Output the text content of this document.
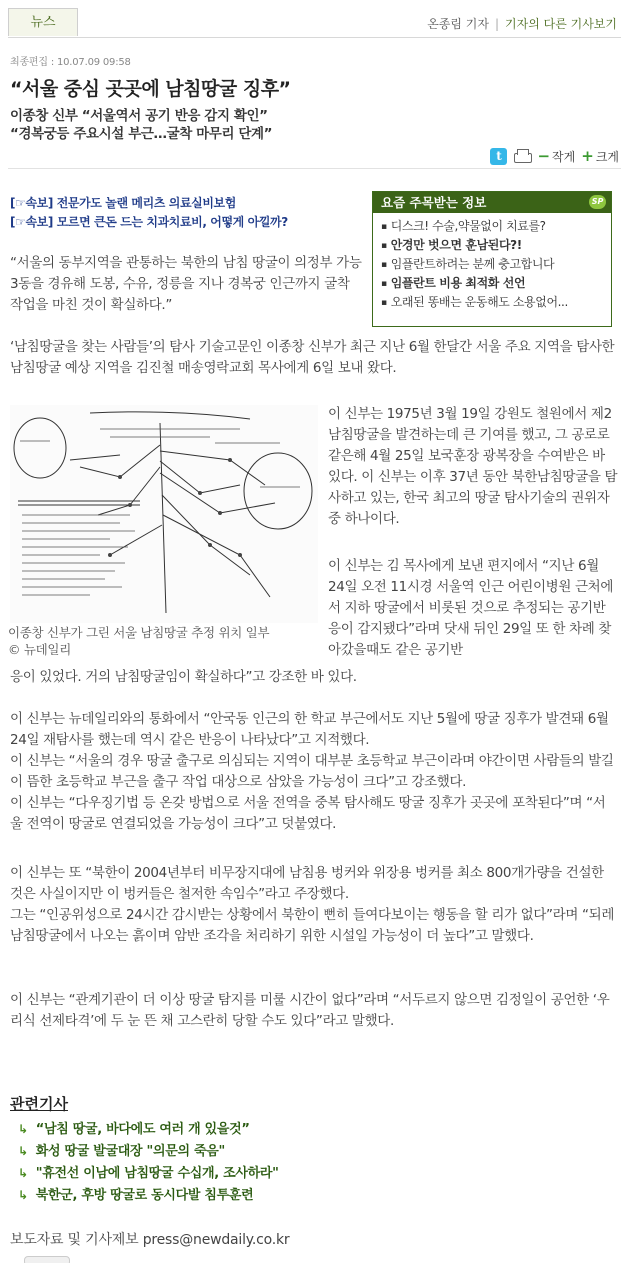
뉴스	온종림 기자 | 기자의 다른 기사보기
최종편집 : 10.07.09 09:58
“서울 중심 곳곳에 남침땅굴 징후”
이종창 신부 “서울역서 공기 반응 감지 확인”
“경복궁등 주요시설 부근…굴착 마무리 단계”
t	− 작게 + 크게
[☞속보] 전문가도 놀랜 메리츠 의료실비보험
[☞속보] 모르면 큰돈 드는 치과치료비, 어떻게 아낄까?
요즘 주목받는 정보	SP
▪ 디스크! 수술,약물없이 치료를?
▪ 안경만 벗으면 훈남된다?!
▪ 임플란트하려는 분께 충고합니다
▪ 임플란트 비용 최적화 선언
▪ 오래된 똥배는 운동해도 소용없어...
“서울의 동부지역을 관통하는 북한의 남침 땅굴이 의정부 가능3동을 경유해 도봉, 수유, 정릉을 지나 경복궁 인근까지 굴착 작업을 마친 것이 확실하다.”
‘남침땅굴을 찾는 사람들’의 탐사 기술고문인 이종창 신부가 최근 지난 6월 한달간 서울 주요 지역을 탐사한 남침땅굴 예상 지역을 김진철 매송영락교회 목사에게 6일 보내 왔다.
이종창 신부가 그린 서울 남침땅굴 추정 위치 일부
© 뉴데일리
이 신부는 1975년 3월 19일 강원도 철원에서 제2남침땅굴을 발견하는데 큰 기여를 했고, 그 공로로 같은해 4월 25일 보국훈장 광복장을 수여받은 바 있다. 이 신부는 이후 37년 동안 북한남침땅굴을 탐사하고 있는, 한국 최고의 땅굴 탐사기술의 권위자 중 하나이다.
이 신부는 김 목사에게 보낸 편지에서 “지난 6월 24일 오전 11시경 서울역 인근 어린이병원 근처에서 지하 땅굴에서 비롯된 것으로 추정되는 공기반응이 감지됐다”라며 닷새 뒤인 29일 또 한 차례 찾아갔을때도 같은 공기반
응이 있었다. 거의 남침땅굴임이 확실하다”고 강조한 바 있다.
이 신부는 뉴데일리와의 통화에서 “안국동 인근의 한 학교 부근에서도 지난 5월에 땅굴 징후가 발견돼 6월 24일 재탐사를 했는데 역시 같은 반응이 나타났다”고 지적했다.
이 신부는 “서울의 경우 땅굴 출구로 의심되는 지역이 대부분 초등학교 부근이라며 야간이면 사람들의 발길이 뜸한 초등학교 부근을 출구 작업 대상으로 삼았을 가능성이 크다”고 강조했다.
이 신부는 “다우징기법 등 온갖 방법으로 서울 전역을 중복 탐사해도 땅굴 징후가 곳곳에 포착된다”며 “서울 전역이 땅굴로 연결되었을 가능성이 크다”고 덧붙였다.
이 신부는 또 “북한이 2004년부터 비무장지대에 남침용 벙커와 위장용 벙커를 최소 800개가량을 건설한 것은 사실이지만 이 벙커들은 철저한 속임수”라고 주장했다.
그는 “인공위성으로 24시간 감시받는 상황에서 북한이 뻔히 들여다보이는 행동을 할 리가 없다”라며 “되레 남침땅굴에서 나오는 흙이며 암반 조각을 처리하기 위한 시설일 가능성이 더 높다”고 말했다.
이 신부는 “관계기관이 더 이상 땅굴 탐지를 미룰 시간이 없다”라며 “서두르지 않으면 김정일이 공언한 ‘우리식 선제타격’에 두 눈 뜬 채 고스란히 당할 수도 있다”라고 말했다.
관련기사
↳ “남침 땅굴, 바다에도 여러 개 있을것”
↳ 화성 땅굴 발굴대장 "의문의 죽음"
↳ "휴전선 이남에 남침땅굴 수십개, 조사하라"
↳ 북한군, 후방 땅굴로 동시다발 침투훈련
보도자료 및 기사제보 press@newdaily.co.kr
